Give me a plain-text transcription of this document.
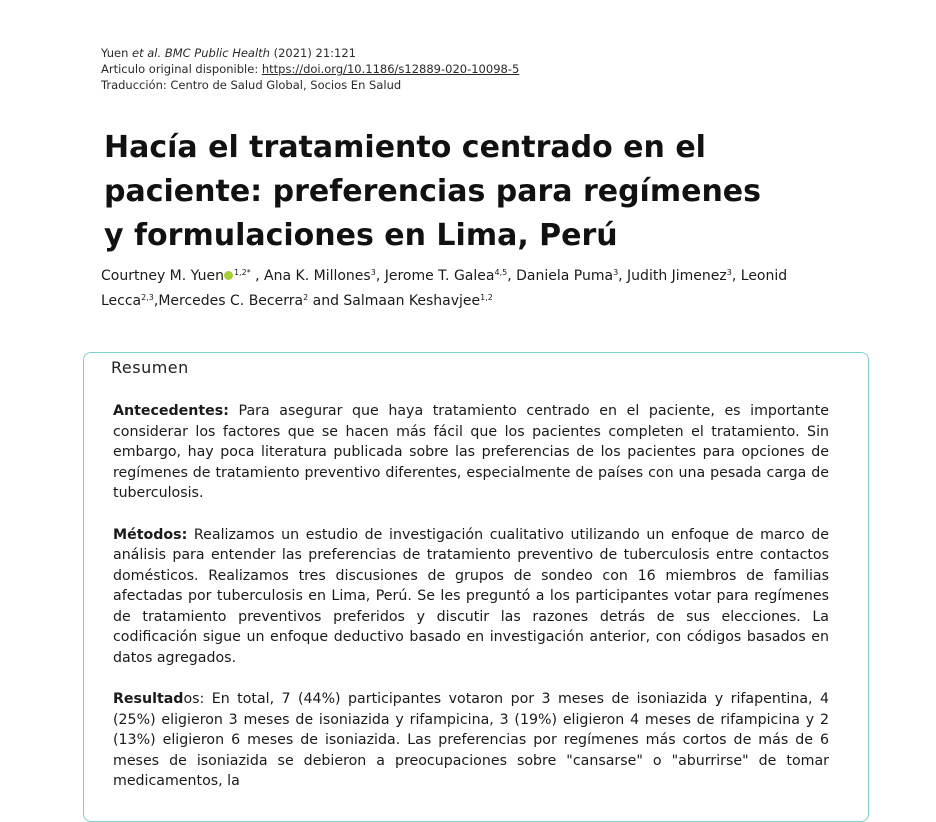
Yuen et al. BMC Public Health (2021) 21:121
Articulo original disponible: https://doi.org/10.1186/s12889-020-10098-5
Traducción: Centro de Salud Global, Socios En Salud
Hacía el tratamiento centrado en el
paciente: preferencias para regímenes
y formulaciones en Lima, Perú
Courtney M. Yuen $^{1,2*}$ , Ana K. Millones$^3$, Jerome T. Galea$^{4,5}$, Daniela Puma$^3$, Judith Jimenez$^3$, Leonid
Lecca$^{2,3}$,Mercedes C. Becerra$^2$ and Salmaan Keshavjee$^{1,2}$
Resumen

Antecedentes: Para asegurar que haya tratamiento centrado en el paciente, es importante considerar los factores que se hacen más fácil que los pacientes completen el tratamiento. Sin embargo, hay poca literatura publicada sobre las preferencias de los pacientes para opciones de regímenes de tratamiento preventivo diferentes, especialmente de países con una pesada carga de tuberculosis.

Métodos: Realizamos un estudio de investigación cualitativo utilizando un enfoque de marco de análisis para entender las preferencias de tratamiento preventivo de tuberculosis entre contactos domésticos. Realizamos tres discusiones de grupos de sondeo con 16 miembros de familias afectadas por tuberculosis en Lima, Perú. Se les preguntó a los participantes votar para regímenes de tratamiento preventivos preferidos y discutir las razones detrás de sus elecciones. La codificación sigue un enfoque deductivo basado en investigación anterior, con códigos basados en datos agregados.

Resultados: En total, 7 (44%) participantes votaron por 3 meses de isoniazida y rifapentina, 4 (25%) eligieron 3 meses de isoniazida y rifampicina, 3 (19%) eligieron 4 meses de rifampicina y 2 (13%) eligieron 6 meses de isoniazida. Las preferencias por regímenes más cortos de más de 6 meses de isoniazida se debieron a preocupaciones sobre "cansarse" o "aburrirse" de tomar medicamentos, la
